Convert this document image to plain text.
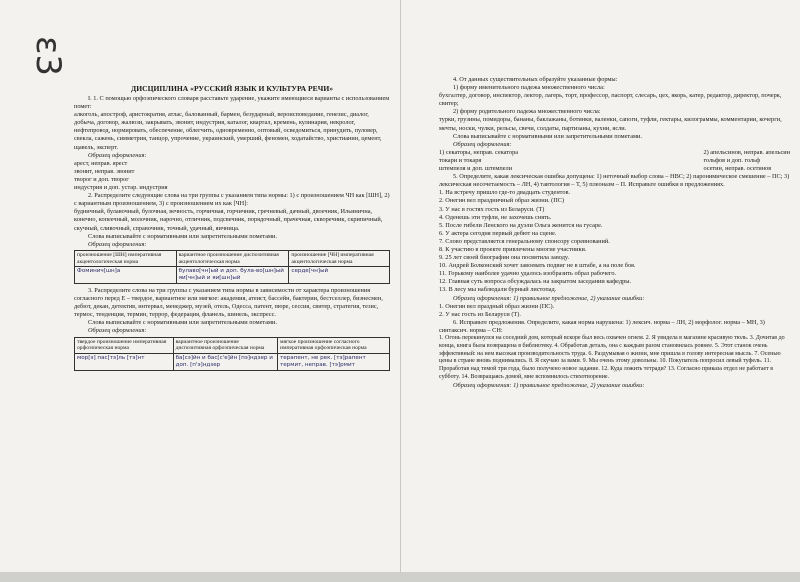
ɛ3
ДИСЦИПЛИНА «РУССКИЙ ЯЗЫК И КУЛЬТУРА РЕЧИ»

I. 1. С помощью орфоэпического словаря расставьте ударение, укажите имеющиеся варианты с использованием помет:

алкоголь, апостроф, аристократия, атлас, балованный, бармен, безударный, вероисповедание, генезис, диалог, добыча, договор, жалюзи, закрывать, звонит, индустрия, каталог, квартал, кремень, кулинария, некролог, нефтепровод, нормировать, обеспечение, облегчить, одновременно, оптовый, осведомиться, принудить, пуловер, свекла, сажень, симметрия, танцор, упрочение, украинский, умерший, феномен, ходатайство, христианин, цемент, щавель, эксперт.

Образец оформления:

арест, неправ. ярест

звонит, неправ. звонит

творог и доп. творог

индустрия и доп. устар. индустрия

2. Распределите следующие слова на три группы с указанием типа нормы: 1) с произношением ЧН как [ШН], 2) с вариантным произношением, 3) с произношением их как [ЧН]:

будничный, булавочный, булочная, вечность, горчичная, горчичник, гречневый, дачный, двоечник, Ильинична, конечно, копеечный, молочник, нарочно, отличник, подсвечник, порядочный, прачечная, скворечник, скрипичный, скучный, сливочный, справочник, точный, удачный, яичница.

Слова выписывайте с нормативными или запретительными пометами.

Образец оформления:

произношение [ШН] императивная акцентологическая норма	вариантное произношение диспозитивная акцентологическая норма	произношение [ЧН] императивная акцентологическая норма
Фоминич[шн]а	булаво[чн]ый и доп. була-во[шн]ый яи[чн]ый и яи[шн]ый	серде[чн]ый

3. Распределите слова на три группы с указанием типа нормы в зависимости от характера произношения согласного перед Е – твердое, вариантное или мягкое: академия, атеист, бассейн, бактерии, бестселлер, бизнесмен, дебют, декан, детектив, интервал, менеджер, музей, отель, Одесса, патент, пюре, сессия, свитер, стратегия, тезис, термос, тенденция, термин, террор, федерация, фланель, шинель, экспресс.

Слова выписывайте с нормативными или запретительными пометами.

Образец оформления:

твердое произношение императивная орфоэпическая норма	вариантное произношение диспозитивная орфоэпическая норма	мягкое произношение согласного императивная орфоэпическая норма
мор[э] пас[тэ]ль [тэ]нт	ба[сэ]йн и бас[с'е]йн [пэ]ндзер и доп. [п'э]ндзер	терапент, не рек. [тэ]рапент термит, неправ. [тэ]рмит

4. От данных существительных образуйте указанные формы:

1) форму именительного падежа множественного числа:

бухгалтер, договор, инспектор, лектор, лагерь, торт, профессор, паспорт, слесарь, цех, якорь, катер, редактор, директор, почерк, свитер;

2) форму родительного падежа множественного числа:

турки, грузины, помидоры, бананы, баклажаны, ботинки, валенки, сапоги, туфли, гектары, килограммы, комментарии, кочерги, мечты, носки, чулки, рельсы, свечи, солдаты, партизаны, кухни, ясли.

Слова выписывайте с нормативными или запретительными пометами.

Образец оформления:

1) секаторы, неправ. секатора
токари и токаря
штемпеля и доп. штемпели
2) апельсинов, неправ. апельсин
гольфов и доп. гольф
осетин, неправ. осетинов

5. Определите, какая лексическая ошибка допущена: 1) неточный выбор слова – НВС; 2) паронимическое смешение – ПС; 3) лексическая несочетаемость – ЛН, 4) тавтология – Т, 5) плеоназм – П. Исправьте ошибки в предложениях.

1. На встречу пришло где-то двадцать студентов.

2. Онегин вел праздничный образ жизни. (ПС)

3. У нас в гостях гость из Беларуси. (Т)

4. Оденешь эти туфли, не захочешь снять.

5. После гибели Ленского на дуэли Ольга женится на гусаре.

6. У актера сегодня первый дебют на сцене.

7. Слово представляется генеральному спонсору соревнований.

8. К участию в проекте привлечены многие участники.

9. 25 лет своей биографии она посвятила заводу.

10. Андрей Болконский хочет завоевать подвиг не в штабе, а на поле боя.

11. Горькому наиболее удачно удалось изобразить образ рабочего.

12. Главная суть вопроса обсуждалась на закрытом заседании кафедры.

13. В лесу мы наблюдали бурный листопад.

Образец оформления: 1) правильное предложение, 2) указание ошибки:

1. Онегин вел праздный образ жизни (ПС).

2. У нас гость из Беларуси (Т).

6. Исправьте предложения. Определите, какая норма нарушена: 1) лексич. норма – ЛН, 2) морфолог. норма – МН, 3) синтаксич. норма – СН:

1. Огонь перекинулся на соседний дом, который вскоре был весь охвачен огнем. 2. Я увидела в магазине красивую тюль. 3. Дочитав до конца, книга была возвращена в библиотеку. 4. Обработав деталь, она с каждым разом становилась ровнее. 5. Этот станок очень эффективный: на нем высокая производительность труда. 6. Раздумывая о жизни, мне пришла в голову интересная мысль. 7. Осенью цены в стране вновь поднимались. 8. Я скучаю за вами. 9. Мы очень этому довольны. 10. Покупатель попросил левый туфель. 11. Проработав над темой три года, было получено новое задание. 12. Куда ложить тетради? 13. Согласно приказа отдел не работает в субботу. 14. Возвращаясь домой, мне вспомнилось стихотворение.

Образец оформления: 1) правильное предложение, 2) указание ошибки:
